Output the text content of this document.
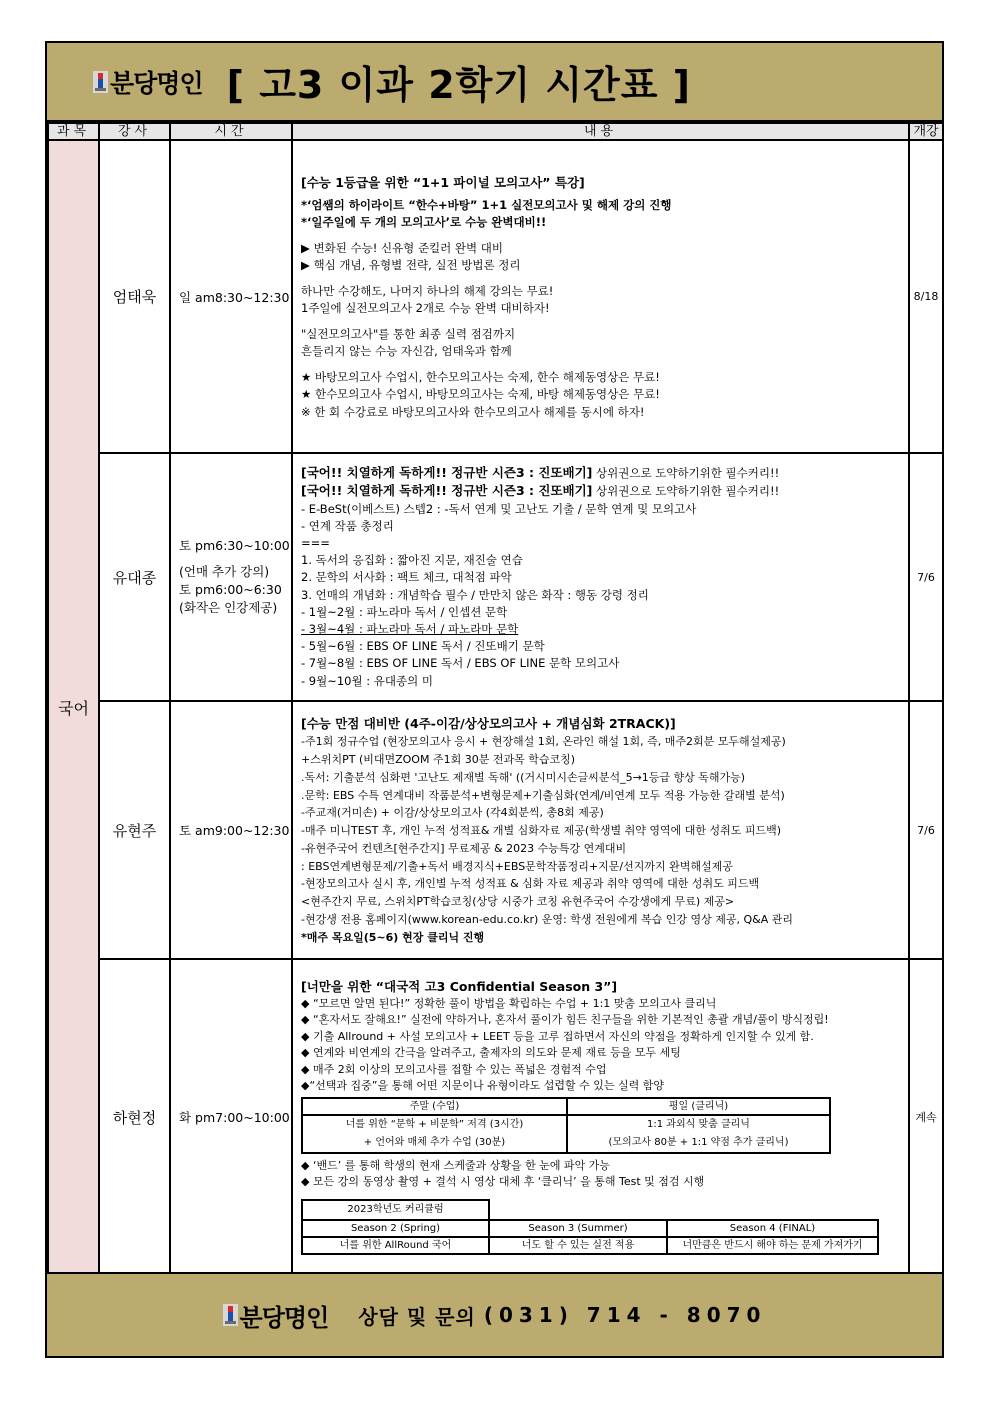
분당명인 [ 고3 이과 2학기 시간표 ]
과목	강사	시간	내용	개강
국어	엄태욱	일 am8:30~12:30	
[수능 1등급을 위한 “1+1 파이널 모의고사” 특강]
*‘엄쌤의 하이라이트 “한수+바탕” 1+1 실전모의고사 및 해제 강의 진행
*‘일주일에 두 개의 모의고사’로 수능 완벽대비!!
▶ 변화된 수능! 신유형 준킬러 완벽 대비
▶ 핵심 개념, 유형별 전략, 실전 방법론 정리
하나만 수강해도, 나머지 하나의 해제 강의는 무료!
1주일에 실전모의고사 2개로 수능 완벽 대비하자!
"실전모의고사"를 통한 최종 실력 점검까지
흔들리지 않는 수능 자신감, 엄태욱과 함께
★ 바탕모의고사 수업시, 한수모의고사는 숙제, 한수 해제동영상은 무료!
★ 한수모의고사 수업시, 바탕모의고사는 숙제, 바탕 해제동영상은 무료!
※ 한 회 수강료로 바탕모의고사와 한수모의고사 해제를 동시에 하자!
	8/18
유대종	
토 pm6:30~10:00
(언매 추가 강의)
토 pm6:00~6:30
(화작은 인강제공)

[국어!! 치열하게 독하게!! 정규반 시즌3 : 진또배기] 상위권으로 도약하기위한 필수커리!!
[국어!! 치열하게 독하게!! 정규반 시즌3 : 진또배기] 상위권으로 도약하기위한 필수커리!!
- E-BeSt(이베스트) 스텝2 : -독서 연계 및 고난도 기출 / 문학 연계 및 모의고사
- 연계 작품 총정리
===
1. 독서의 응집화 : 짧아진 지문, 재진술 연습
2. 문학의 서사화 : 팩트 체크, 대척점 파악
3. 언매의 개념화 : 개념학습 필수 / 만만치 않은 화작 : 행동 강령 정리
- 1월~2월 : 파노라마 독서 / 인셉션 문학
- 3월~4월 : 파노라마 독서 / 파노라마 문학
- 5월~6월 : EBS OF LINE 독서 / 진또배기 문학
- 7월~8월 : EBS OF LINE 독서 / EBS OF LINE 문학 모의고사
- 9월~10월 : 유대종의 미
	7/6
유현주	토 am9:00~12:30	
[수능 만점 대비반 (4주-이감/상상모의고사 + 개념심화 2TRACK)]
-주1회 정규수업 (현장모의고사 응시 + 현장해설 1회, 온라인 해설 1회, 즉, 매주2회분 모두해설제공)
+스위치PT (비대면ZOOM 주1회 30분 전과목 학습코칭)
.독서: 기출분석 심화편 '고난도 제재별 독해' ((거시미시손글씨분석_5→1등급 향상 독해가능)
.문학: EBS 수특 연계대비 작품분석+변형문제+기출심화(연계/비연계 모두 적용 가능한 갈래별 분석)
-주교재(거미손) + 이감/상상모의고사 (각4회분씩, 총8회 제공)
-매주 미니TEST 후, 개인 누적 성적표& 개별 심화자료 제공(학생별 취약 영역에 대한 성취도 피드백)
-유현주국어 컨텐츠[현주간지] 무료제공 & 2023 수능특강 연계대비
: EBS연계변형문제/기출+독서 배경지식+EBS문학작품정리+지문/선지까지 완벽해설제공
-현장모의고사 실시 후, 개인별 누적 성적표 & 심화 자료 제공과 취약 영역에 대한 성취도 피드백
<현주간지 무료, 스위치PT학습코칭(상당 시중가 코칭 유현주국어 수강생에게 무료) 제공>
-현강생 전용 홈페이지(www.korean-edu.co.kr) 운영: 학생 전원에게 복습 인강 영상 제공, Q&A 관리
*매주 목요일(5~6) 현장 클리닉 진행
	7/6
하현정	화 pm7:00~10:00	
[너만을 위한 “대국적 고3 Confidential Season 3”]
◆ “모르면 알면 된다!” 정확한 풀이 방법을 확립하는 수업 + 1:1 맞춤 모의고사 클리닉
◆ “혼자서도 잘해요!” 실전에 약하거나, 혼자서 풀이가 힘든 친구들을 위한 기본적인 총괄 개념/풀이 방식정립!
◆ 기출 Allround + 사설 모의고사 + LEET 등을 고루 접하면서 자신의 약점을 정확하게 인지할 수 있게 함.
◆ 연계와 비연계의 간극을 알려주고, 출제자의 의도와 문제 재료 등을 모두 세팅
◆ 매주 2회 이상의 모의고사를 접할 수 있는 폭넓은 경험적 수업
◆“선택과 집중”을 통해 어떤 지문이나 유형이라도 섭렵할 수 있는 실력 함양
주말 (수업)	평일 (클리닉)

너를 위한 “문학 + 비문학” 저격 (3시간)
+ 언어와 매체 추가 수업 (30분)

1:1 과외식 맞춤 클리닉
(모의고사 80분 + 1:1 약점 추가 클리닉)
◆ ‘밴드’ 를 통해 학생의 현재 스케줄과 상황을 한 눈에 파악 가능
◆ 모든 강의 동영상 촬영 + 결석 시 영상 대체 후 ‘클리닉’ 을 통해 Test 및 점검 시행
2023학년도 커리큘럼	
Season 2 (Spring)	Season 3 (Summer)	Season 4 (FINAL)
너를 위한 AllRound 국어	너도 할 수 있는 실전 적용	너만큼은 반드시 해야 하는 문제 가져가기
	계속
분당명인 상담 및 문의 (031) 714 - 8070
